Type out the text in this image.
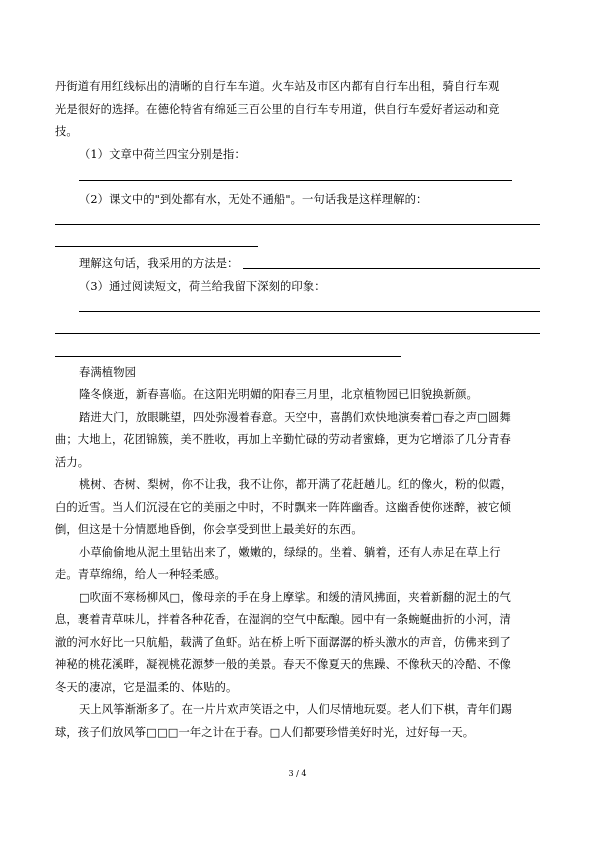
丹街道有用红线标出的清晰的自行车车道。火车站及市区内都有自行车出租，骑自行车观
光是很好的选择。在德伦特省有绵延三百公里的自行车专用道，供自行车爱好者运动和竞
技。
（1）文章中荷兰四宝分别是指：
（2）课文中的"到处都有水，无处不通船"。一句话我是这样理解的：
理解这句话，我采用的方法是：
（3）通过阅读短文，荷兰给我留下深刻的印象：
春满植物园
隆冬倏逝，新春喜临。在这阳光明媚的阳春三月里，北京植物园已旧貌换新颜。
踏进大门，放眼眺望，四处弥漫着春意。天空中，喜鹊们欢快地演奏着□春之声□圆舞
曲；大地上，花团锦簇，美不胜收，再加上辛勤忙碌的劳动者蜜蜂，更为它增添了几分青春
活力。
桃树、杏树、梨树，你不让我，我不让你，都开满了花赶趟儿。红的像火，粉的似霞，
白的近雪。当人们沉浸在它的美丽之中时，不时飘来一阵阵幽香。这幽香使你迷醉，被它倾
倒，但这是十分情愿地昏倒，你会享受到世上最美好的东西。
小草偷偷地从泥土里钻出来了，嫩嫩的，绿绿的。坐着、躺着，还有人赤足在草上行
走。青草绵绵，给人一种轻柔感。
□吹面不寒杨柳风□，像母亲的手在身上摩挲。和缓的清风拂面，夹着新翻的泥土的气
息，裹着青草味儿，拌着各种花香，在湿润的空气中酝酿。园中有一条蜿蜒曲折的小河，清
澈的河水好比一只航船，载满了鱼虾。站在桥上听下面潺潺的桥头激水的声音，仿佛来到了
神秘的桃花溪畔，凝视桃花源梦一般的美景。春天不像夏天的焦躁、不像秋天的冷酷、不像
冬天的凄凉，它是温柔的、体贴的。
天上风筝渐渐多了。在一片片欢声笑语之中，人们尽情地玩耍。老人们下棋，青年们踢
球，孩子们放风筝□□□一年之计在于春。□人们都要珍惜美好时光，过好每一天。
3 / 4
